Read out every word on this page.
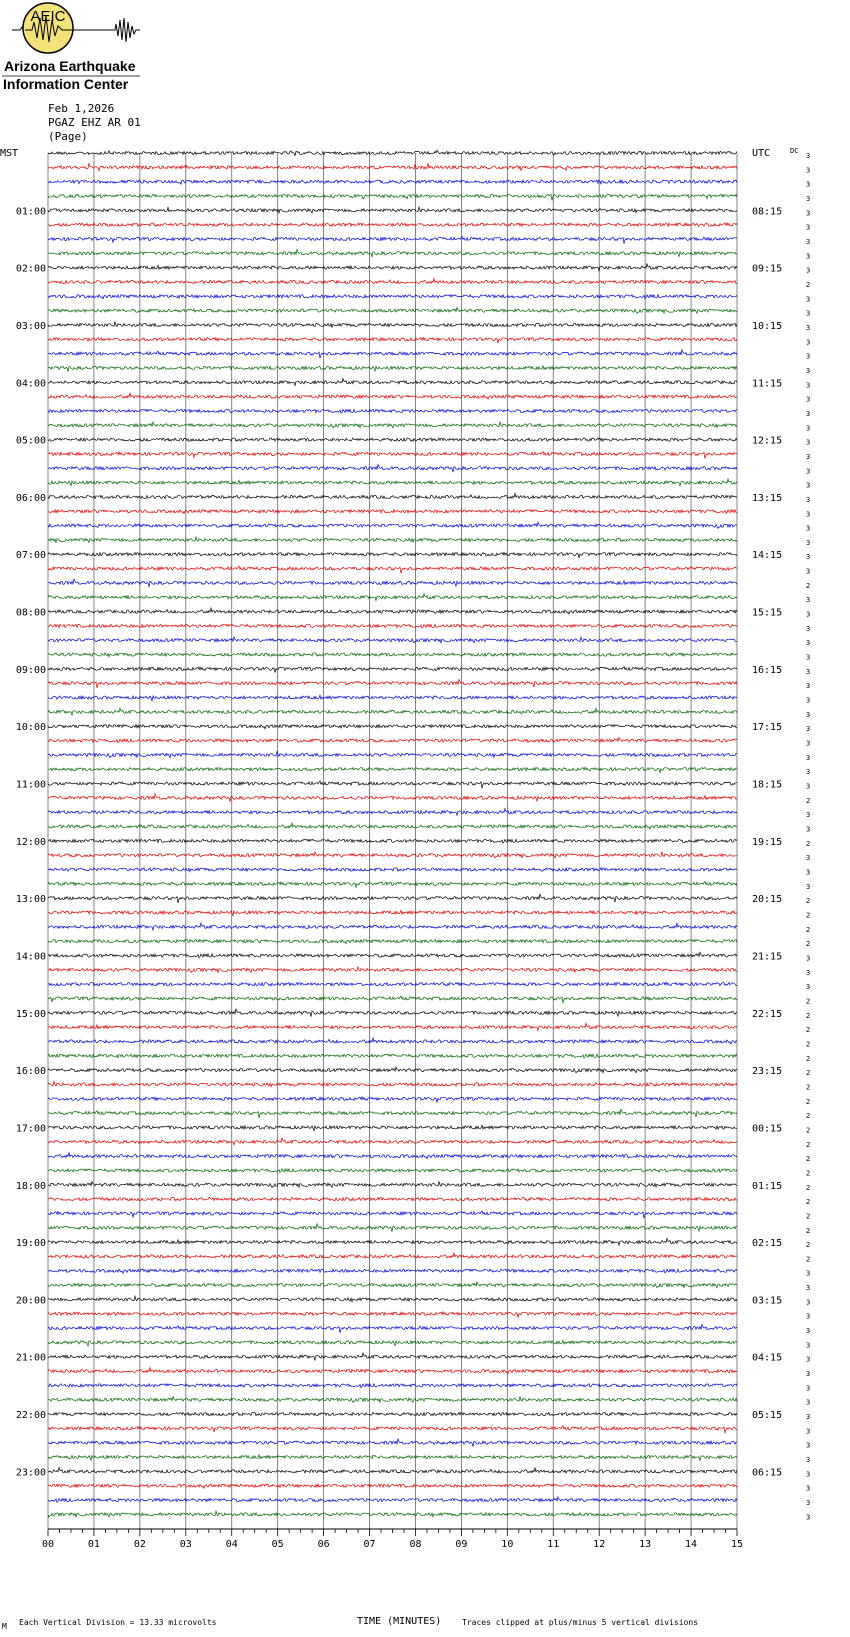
AEIC
Arizona Earthquake
Information Center
Feb 1,2026
PGAZ EHZ AR 01
(Page)
MST
01:00
02:00
03:00
04:00
05:00
06:00
07:00
08:00
09:00
10:00
11:00
12:00
13:00
14:00
15:00
16:00
17:00
18:00
19:00
20:00
21:00
22:00
23:00
UTC
08:15
09:15
10:15
11:15
12:15
13:15
14:15
15:15
16:15
17:15
18:15
19:15
20:15
21:15
22:15
23:15
00:15
01:15
02:15
03:15
04:15
05:15
06:15
DC
3
3
3
3
3
3
3
3
3
2
3
3
3
3
3
3
3
3
3
3
3
3
3
3
3
3
3
3
3
3
2
3
3
3
3
3
3
3
3
3
3
3
3
3
3
2
3
3
2
3
3
3
2
2
2
2
3
3
3
2
2
2
2
2
2
2
2
2
2
2
2
2
2
2
2
2
2
2
3
3
3
3
3
3
3
3
3
3
3
3
3
3
3
3
3
3
00	01	02	03	04	05	06	07	08	09	10	11	12	13	14	15
M Each Vertical Division = 13.33 microvolts	TIME (MINUTES)	Traces clipped at plus/minus 5 vertical divisions
